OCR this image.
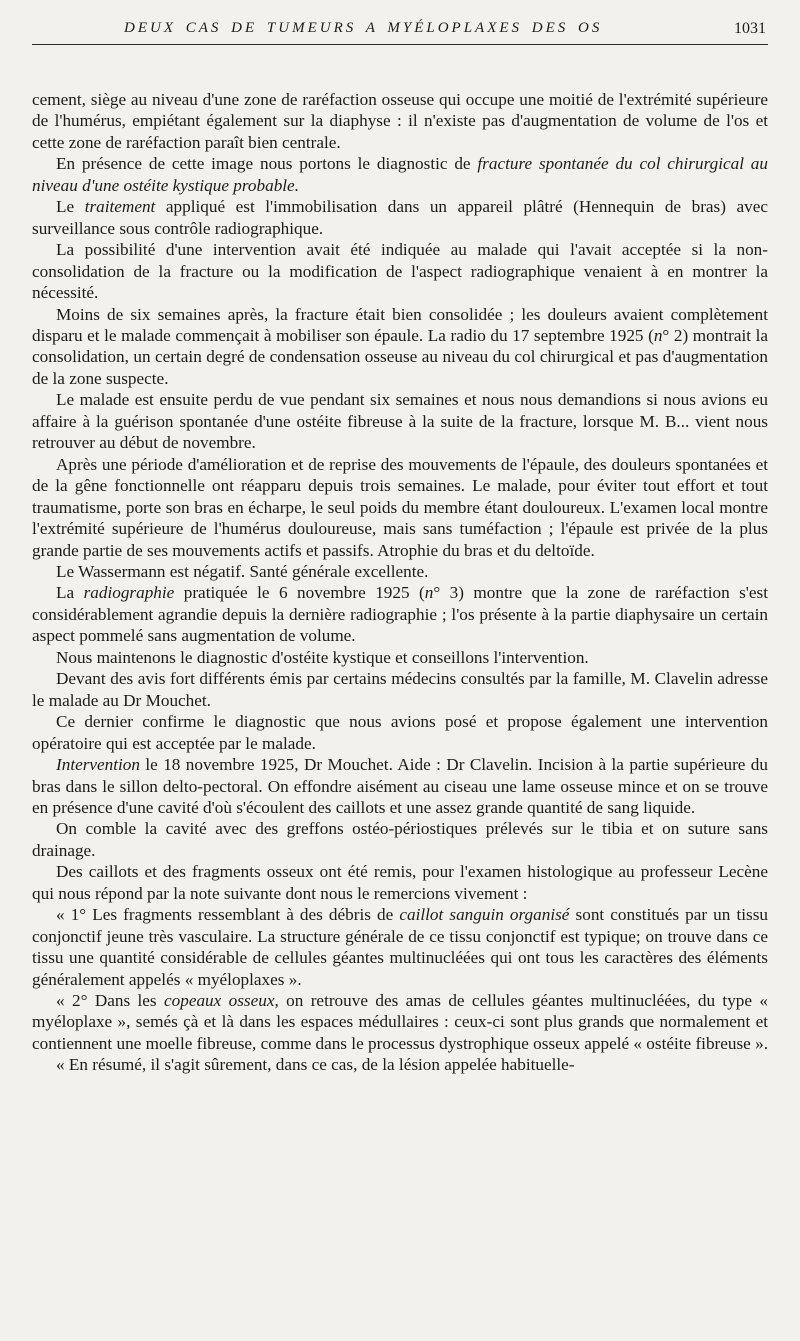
DEUX CAS DE TUMEURS A MYÉLOPLAXES DES OS	1031

cement, siège au niveau d'une zone de raréfaction osseuse qui occupe une moitié de l'extrémité supérieure de l'humérus, empiétant également sur la diaphyse : il n'existe pas d'augmentation de volume de l'os et cette zone de raréfaction paraît bien centrale.

En présence de cette image nous portons le diagnostic de fracture spontanée du col chirurgical au niveau d'une ostéite kystique probable.

Le traitement appliqué est l'immobilisation dans un appareil plâtré (Hennequin de bras) avec surveillance sous contrôle radiographique.

La possibilité d'une intervention avait été indiquée au malade qui l'avait acceptée si la non-consolidation de la fracture ou la modification de l'aspect radiographique venaient à en montrer la nécessité.

Moins de six semaines après, la fracture était bien consolidée ; les douleurs avaient complètement disparu et le malade commençait à mobiliser son épaule. La radio du 17 septembre 1925 (n° 2) montrait la consolidation, un certain degré de condensation osseuse au niveau du col chirurgical et pas d'augmentation de la zone suspecte.

Le malade est ensuite perdu de vue pendant six semaines et nous nous demandions si nous avions eu affaire à la guérison spontanée d'une ostéite fibreuse à la suite de la fracture, lorsque M. B... vient nous retrouver au début de novembre.

Après une période d'amélioration et de reprise des mouvements de l'épaule, des douleurs spontanées et de la gêne fonctionnelle ont réapparu depuis trois semaines. Le malade, pour éviter tout effort et tout traumatisme, porte son bras en écharpe, le seul poids du membre étant douloureux. L'examen local montre l'extrémité supérieure de l'humérus douloureuse, mais sans tuméfaction ; l'épaule est privée de la plus grande partie de ses mouvements actifs et passifs. Atrophie du bras et du deltoïde.

Le Wassermann est négatif. Santé générale excellente.

La radiographie pratiquée le 6 novembre 1925 (n° 3) montre que la zone de raréfaction s'est considérablement agrandie depuis la dernière radiographie ; l'os présente à la partie diaphysaire un certain aspect pommelé sans augmentation de volume.

Nous maintenons le diagnostic d'ostéite kystique et conseillons l'intervention.

Devant des avis fort différents émis par certains médecins consultés par la famille, M. Clavelin adresse le malade au Dr Mouchet.

Ce dernier confirme le diagnostic que nous avions posé et propose également une intervention opératoire qui est acceptée par le malade.

Intervention le 18 novembre 1925, Dr Mouchet. Aide : Dr Clavelin. Incision à la partie supérieure du bras dans le sillon delto-pectoral. On effondre aisément au ciseau une lame osseuse mince et on se trouve en présence d'une cavité d'où s'écoulent des caillots et une assez grande quantité de sang liquide.

On comble la cavité avec des greffons ostéo-périostiques prélevés sur le tibia et on suture sans drainage.

Des caillots et des fragments osseux ont été remis, pour l'examen histologique au professeur Lecène qui nous répond par la note suivante dont nous le remercions vivement :

« 1° Les fragments ressemblant à des débris de caillot sanguin organisé sont constitués par un tissu conjonctif jeune très vasculaire. La structure générale de ce tissu conjonctif est typique; on trouve dans ce tissu une quantité considérable de cellules géantes multinucléées qui ont tous les caractères des éléments généralement appelés « myéloplaxes ».

« 2° Dans les copeaux osseux, on retrouve des amas de cellules géantes multinucléées, du type « myéloplaxe », semés çà et là dans les espaces médullaires : ceux-ci sont plus grands que normalement et contiennent une moelle fibreuse, comme dans le processus dystrophique osseux appelé « ostéite fibreuse ».

« En résumé, il s'agit sûrement, dans ce cas, de la lésion appelée habituelle-
